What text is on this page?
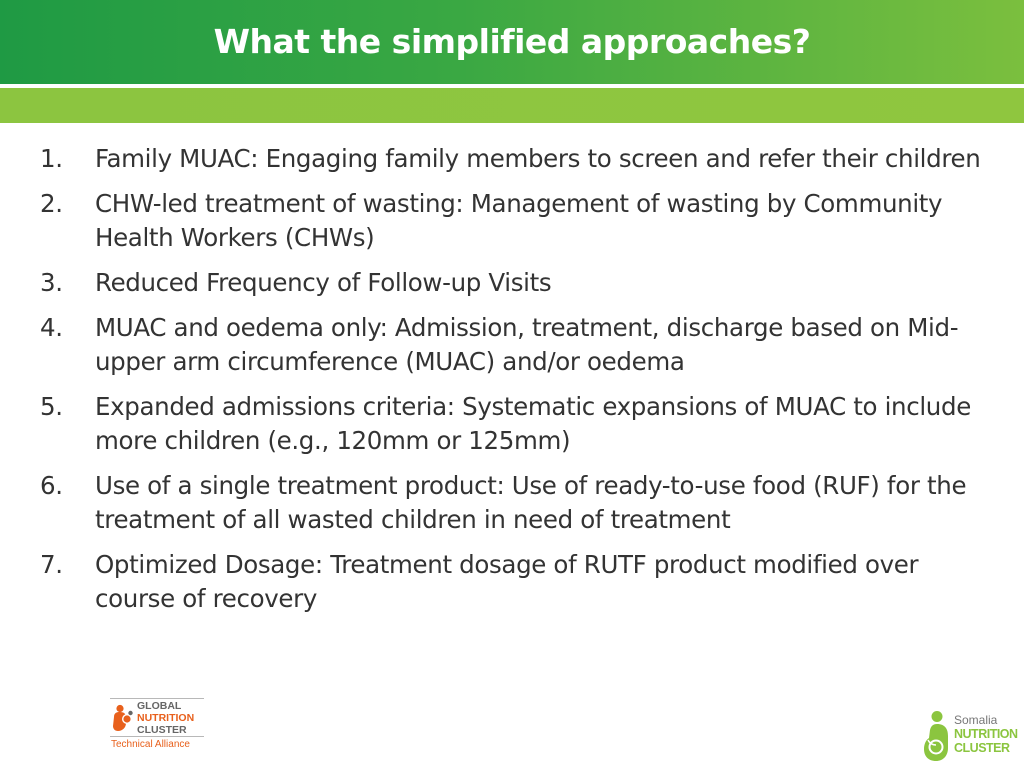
What the simplified approaches?
1.	Family MUAC: Engaging family members to screen and refer their children
2.	CHW-led treatment of wasting: Management of wasting by Community Health Workers (CHWs)
3.	Reduced Frequency of Follow-up Visits
4.	MUAC and oedema only: Admission, treatment, discharge based on Mid-upper arm circumference (MUAC) and/or oedema
5.	Expanded admissions criteria: Systematic expansions of MUAC to include more children (e.g., 120mm or 125mm)
6.	Use of a single treatment product: Use of ready-to-use food (RUF) for the treatment of all wasted children in need of treatment
7.	Optimized Dosage: Treatment dosage of RUTF product modified over course of recovery
GLOBAL
NUTRITION
CLUSTER
Technical Alliance
Somalia
NUTRITION
CLUSTER
